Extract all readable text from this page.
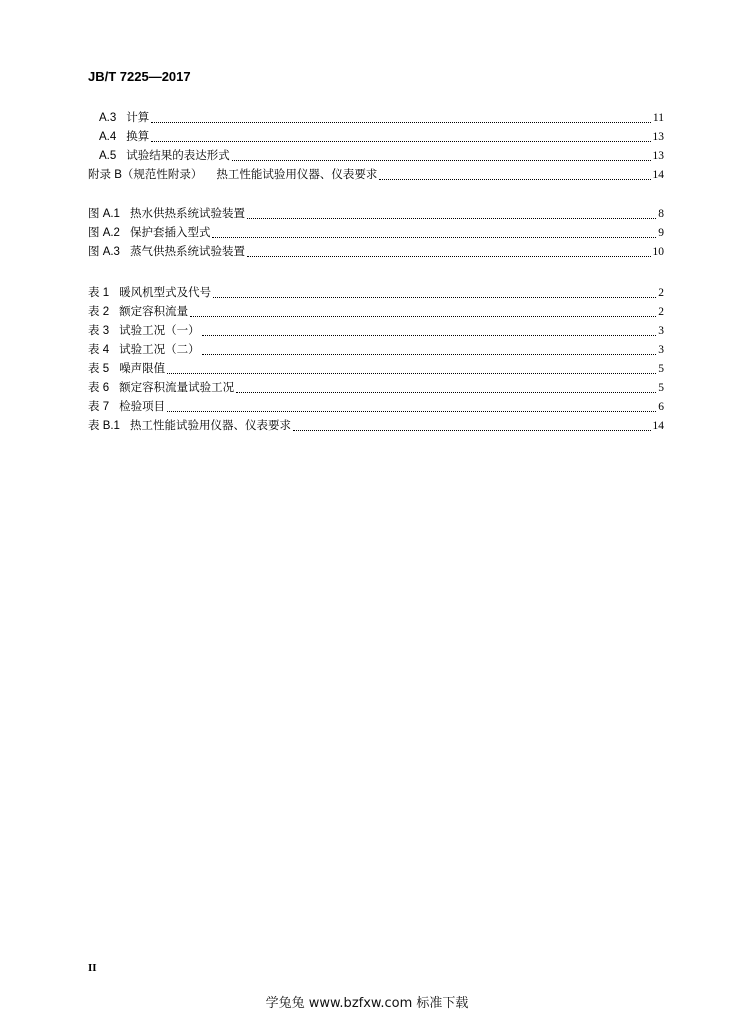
JB/T 7225—2017
A.3 计算	11
A.4 换算	13
A.5 试验结果的表达形式	13
附录 B（规范性附录） 热工性能试验用仪器、仪表要求	14
图 A.1 热水供热系统试验装置	8
图 A.2 保护套插入型式	9
图 A.3 蒸气供热系统试验装置	10
表 1 暖风机型式及代号	2
表 2 额定容积流量	2
表 3 试验工况（一）	3
表 4 试验工况（二）	3
表 5 噪声限值	5
表 6 额定容积流量试验工况	5
表 7 检验项目	6
表 B.1 热工性能试验用仪器、仪表要求	14
II
学兔兔 www.bzfxw.com 标准下载
